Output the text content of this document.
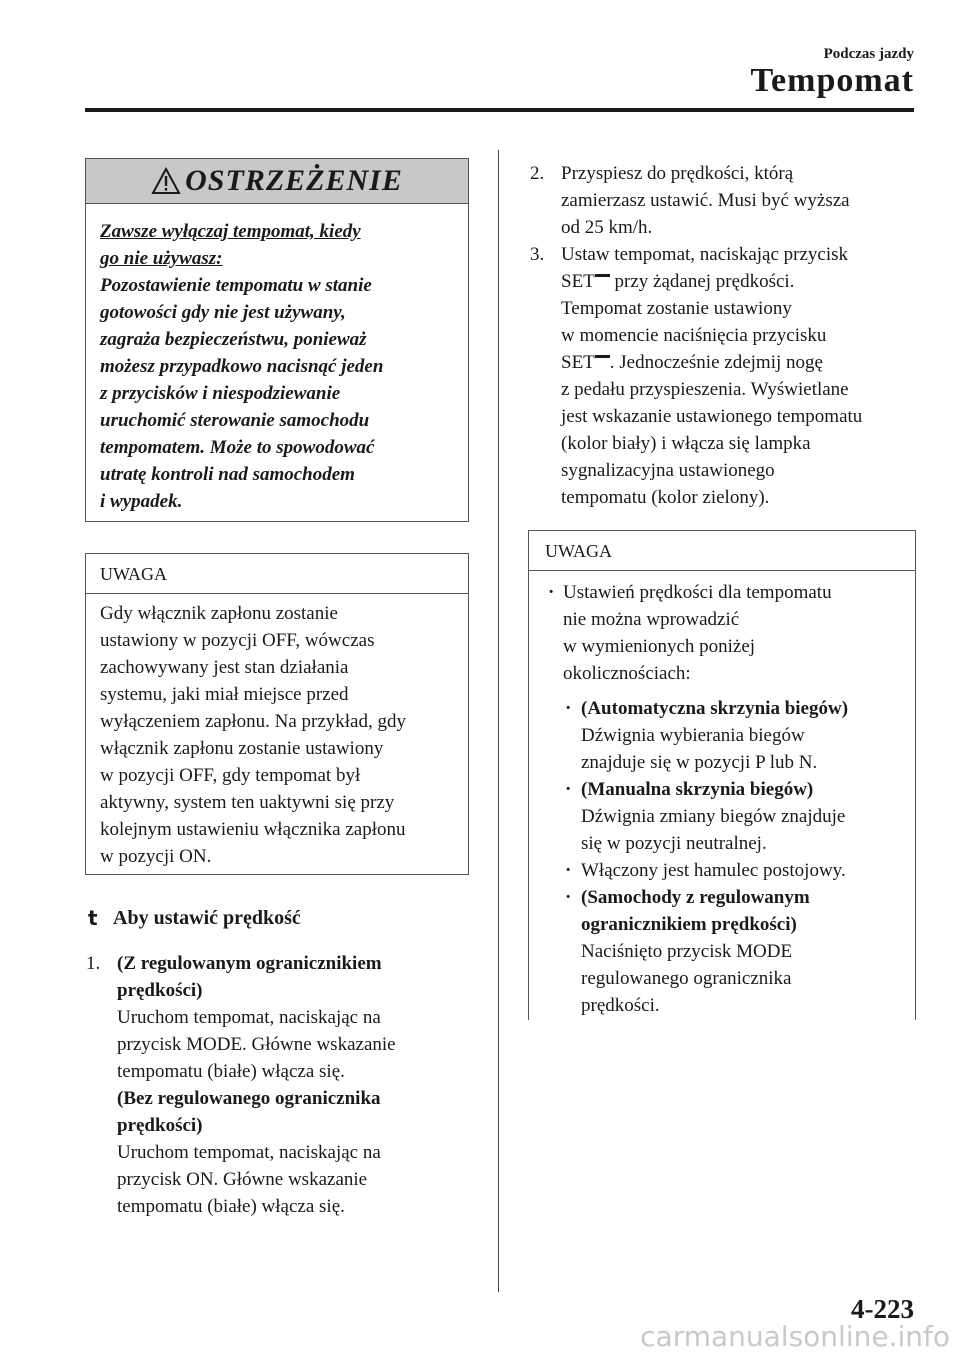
Podczas jazdy
Tempomat
OSTRZEŻENIE
Zawsze wyłączaj tempomat, kiedy
go nie używasz:
Pozostawienie tempomatu w stanie
gotowości gdy nie jest używany,
zagraża bezpieczeństwu, ponieważ
możesz przypadkowo nacisnąć jeden
z przycisków i niespodziewanie
uruchomić sterowanie samochodu
tempomatem. Może to spowodować
utratę kontroli nad samochodem
i wypadek.
UWAGA
Gdy włącznik zapłonu zostanie
ustawiony w pozycji OFF, wówczas
zachowywany jest stan działania
systemu, jaki miał miejsce przed
wyłączeniem zapłonu. Na przykład, gdy
włącznik zapłonu zostanie ustawiony
w pozycji OFF, gdy tempomat był
aktywny, system ten uaktywni się przy
kolejnym ustawieniu włącznika zapłonu
w pozycji ON.
t Aby ustawić prędkość
1. (Z regulowanym ogranicznikiem
prędkości)
Uruchom tempomat, naciskając na
przycisk MODE. Główne wskazanie
tempomatu (białe) włącza się.
(Bez regulowanego ogranicznika
prędkości)
Uruchom tempomat, naciskając na
przycisk ON. Główne wskazanie
tempomatu (białe) włącza się.
2. Przyspiesz do prędkości, którą
zamierzasz ustawić. Musi być wyższa
od 25 km/h.
3. Ustaw tempomat, naciskając przycisk
SET przy żądanej prędkości.
Tempomat zostanie ustawiony
w momencie naciśnięcia przycisku
SET . Jednocześnie zdejmij nogę
z pedału przyspieszenia. Wyświetlane
jest wskazanie ustawionego tempomatu
(kolor biały) i włącza się lampka
sygnalizacyjna ustawionego
tempomatu (kolor zielony).
UWAGA
· Ustawień prędkości dla tempomatu
nie można wprowadzić
w wymienionych poniżej
okolicznościach:
· (Automatyczna skrzynia biegów)
Dźwignia wybierania biegów
znajduje się w pozycji P lub N.
· (Manualna skrzynia biegów)
Dźwignia zmiany biegów znajduje
się w pozycji neutralnej.
· Włączony jest hamulec postojowy.
· (Samochody z regulowanym
ogranicznikiem prędkości)
Naciśnięto przycisk MODE
regulowanego ogranicznika
prędkości.
4-223
carmanualsonline.info
